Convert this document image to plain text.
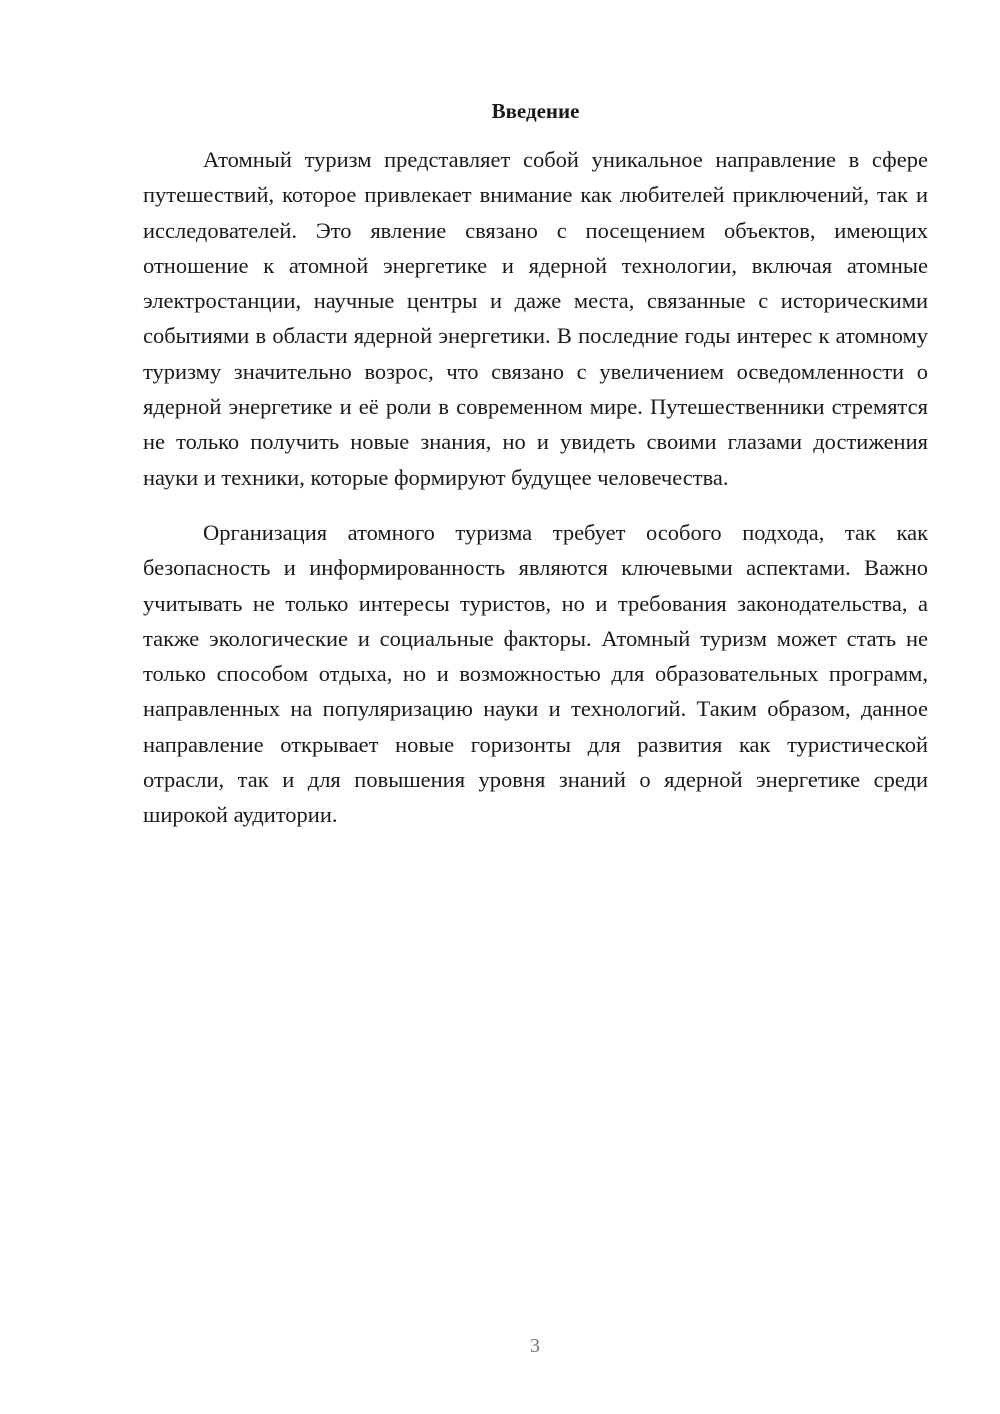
Введение

Атомный туризм представляет собой уникальное направление в сфере путешествий, которое привлекает внимание как любителей приключений, так и исследователей. Это явление связано с посещением объектов, имеющих отношение к атомной энергетике и ядерной технологии, включая атомные электростанции, научные центры и даже места, связанные с историческими событиями в области ядерной энергетики. В последние годы интерес к атомному туризму значительно возрос, что связано с увеличением осведомленности о ядерной энергетике и её роли в современном мире. Путешественники стремятся не только получить новые знания, но и увидеть своими глазами достижения науки и техники, которые формируют будущее человечества.

Организация атомного туризма требует особого подхода, так как безопасность и информированность являются ключевыми аспектами. Важно учитывать не только интересы туристов, но и требования законодательства, а также экологические и социальные факторы. Атомный туризм может стать не только способом отдыха, но и возможностью для образовательных программ, направленных на популяризацию науки и технологий. Таким образом, данное направление открывает новые горизонты для развития как туристической отрасли, так и для повышения уровня знаний о ядерной энергетике среди широкой аудитории.

3
